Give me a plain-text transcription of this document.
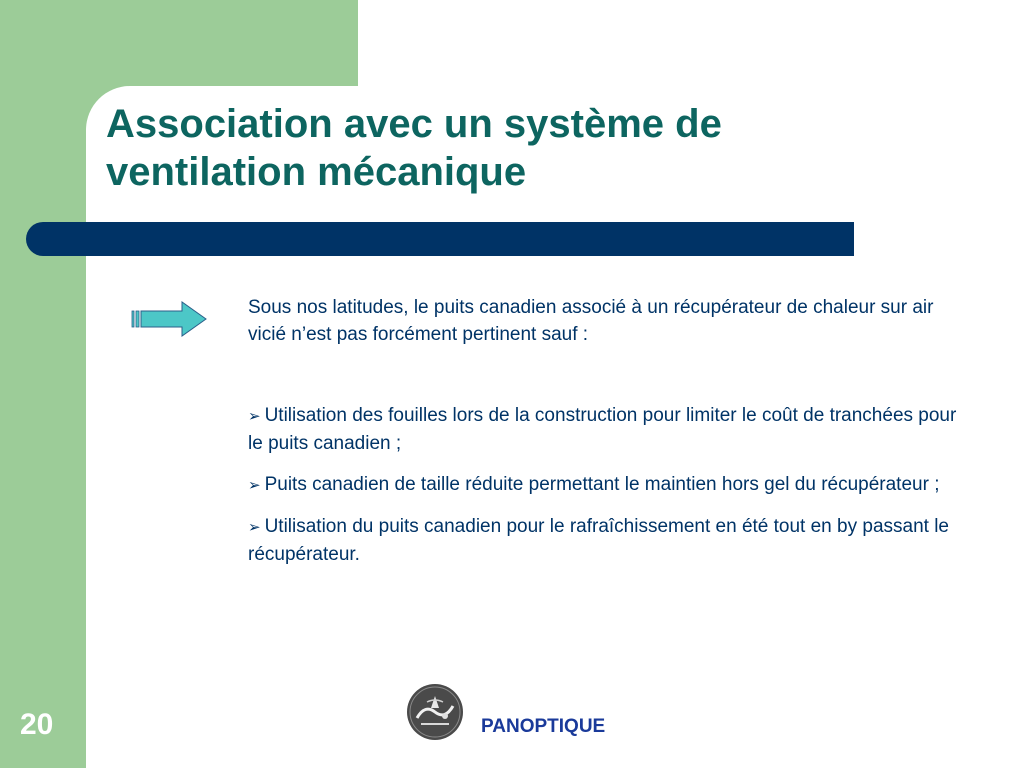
Association avec un système de ventilation mécanique

Sous nos latitudes, le puits canadien associé à un récupérateur de chaleur sur air vicié n’est pas forcément pertinent sauf :

➢ Utilisation des fouilles lors de la construction pour limiter le coût de tranchées pour le puits canadien ;

➢ Puits canadien de taille réduite permettant le maintien hors gel du récupérateur ;

➢ Utilisation du puits canadien pour le rafraîchissement en été tout en by passant le récupérateur.

20	PANOPTIQUE
